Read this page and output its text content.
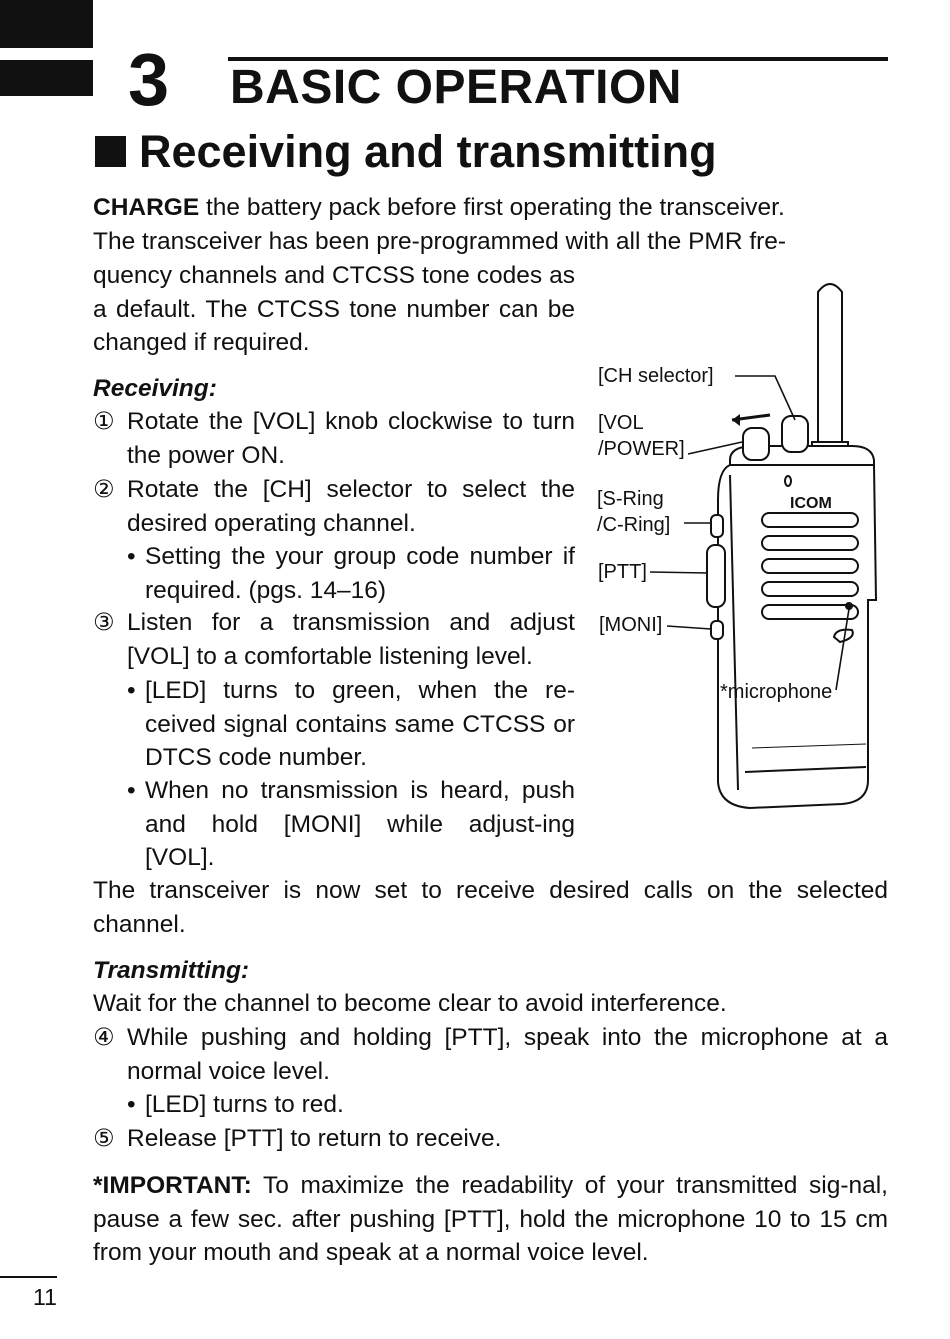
3 BASIC OPERATION
Receiving and transmitting
CHARGE the battery pack before first operating the transceiver.
The transceiver has been pre-programmed with all the PMR fre-
quency channels and CTCSS tone codes as a default. The CTCSS tone number can be changed if required.
Receiving:
① Rotate the [VOL] knob clockwise to turn the power ON.
② Rotate the [CH] selector to select the desired operating channel.
• Setting the your group code number if required. (pgs. 14–16)
③ Listen for a transmission and adjust [VOL] to a comfortable listening level.
• [LED] turns to green, when the re-ceived signal contains same CTCSS or DTCS code number.
• When no transmission is heard, push and hold [MONI] while adjust-ing [VOL].
The transceiver is now set to receive desired calls on the selected channel.
Transmitting:
Wait for the channel to become clear to avoid interference.
④ While pushing and holding [PTT], speak into the microphone at a normal voice level.
• [LED] turns to red.
⑤ Release [PTT] to return to receive.
*IMPORTANT: To maximize the readability of your transmitted sig-nal, pause a few sec. after pushing [PTT], hold the microphone 10 to 15 cm from your mouth and speak at a normal voice level.
ICOM
[CH selector]
[VOL
/POWER]
[S-Ring
/C-Ring]
[PTT]
[MONI]
*microphone
11
